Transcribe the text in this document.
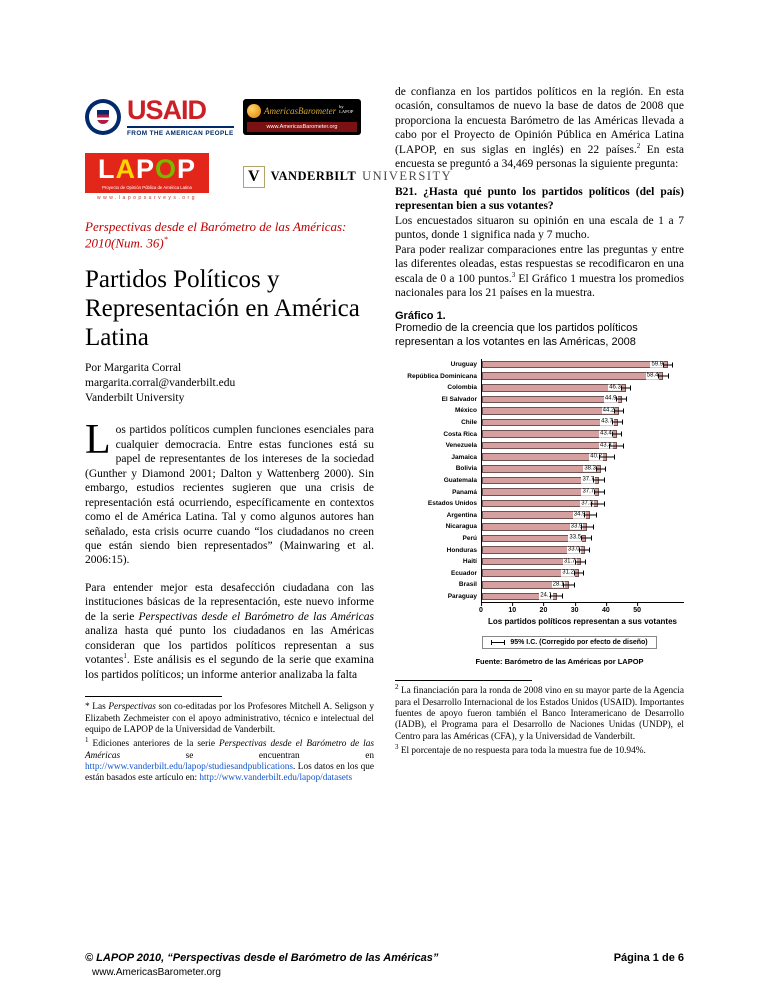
USAID
FROM THE AMERICAN PEOPLE
AmericasBarometer by LAPOP
www.AmericasBarometer.org
LAPOP
Proyecto de Opinión Pública de América Latina
www.lapopsurveys.org
V VANDERBILT UNIVERSITY

Perspectivas desde el Barómetro de las Américas: 2010(Num. 36)*

Partidos Políticos y Representación en América Latina
Por Margarita Corral
margarita.corral@vanderbilt.edu
Vanderbilt University

Los partidos políticos cumplen funciones esenciales para cualquier democracia. Entre estas funciones está su papel de representantes de los intereses de la sociedad (Gunther y Diamond 2001; Dalton y Wattenberg 2000). Sin embargo, estudios recientes sugieren que una crisis de representación está ocurriendo, específicamente en contextos como el de América Latina. Tal y como algunos autores han señalado, esta crisis ocurre cuando “los ciudadanos no creen que están siendo bien representados” (Mainwaring et al. 2006:15).

Para entender mejor esta desafección ciudadana con las instituciones básicas de la representación, este nuevo informe de la serie Perspectivas desde el Barómetro de las Américas analiza hasta qué punto los ciudadanos en las Américas consideran que los partidos políticos representan a sus votantes$^1$. Este análisis es el segundo de la serie que examina los partidos políticos; un informe anterior analizaba la falta

* Las Perspectivas son co-editadas por los Profesores Mitchell A. Seligson y Elizabeth Zechmeister con el apoyo administrativo, técnico e intelectual del equipo de LAPOP de la Universidad de Vanderbilt.

$^1$ Ediciones anteriores de la serie Perspectivas desde el Barómetro de las Américas se encuentran en http://www.vanderbilt.edu/lapop/studiesandpublications. Los datos en los que están basados este artículo en: http://www.vanderbilt.edu/lapop/datasets

de confianza en los partidos políticos en la región. En esta ocasión, consultamos de nuevo la base de datos de 2008 que proporciona la encuesta Barómetro de las Américas llevada a cabo por el Proyecto de Opinión Pública en América Latina (LAPOP, en sus siglas en inglés) en 22 países.$^2$ En esta encuesta se preguntó a 34,469 personas la siguiente pregunta:

B21. ¿Hasta qué punto los partidos políticos (del país) representan bien a sus votantes?

Los encuestados situaron su opinión en una escala de 1 a 7 puntos, donde 1 significa nada y 7 mucho.

Para poder realizar comparaciones entre las preguntas y entre las diferentes oleadas, estas respuestas se recodificaron en una escala de 0 a 100 puntos.$^3$ El Gráfico 1 muestra los promedios nacionales para los 21 países en la muestra.

Gráfico 1.
Promedio de la creencia que los partidos políticos representan a los votantes en las Américas, 2008
Uruguay	59.9
República Dominicana	58.4
Colombia	46.3
El Salvador	44.9
México	44.2
Chile	43.7
Costa Rica	43.4
Venezuela	43.3
Jamaica	40.2
Bolivia	38.3
Guatemala	37.7
Panamá	37.7
Estados Unidos	37.3
Argentina	34.9
Nicaragua	33.9
Perú	33.5
Honduras	33.0
Haití	31.7
Ecuador	31.2
Brasil	28.1
Paraguay	24.1
0	10	20	30	40	50
Los partidos políticos representan a sus votantes
95% I.C. (Corregido por efecto de diseño)
Fuente: Barómetro de las Américas por LAPOP

$^2$ La financiación para la ronda de 2008 vino en su mayor parte de la Agencia para el Desarrollo Internacional de los Estados Unidos (USAID). Importantes fuentes de apoyo fueron también el Banco Interamericano de Desarrollo (IADB), el Programa para el Desarrollo de Naciones Unidas (UNDP), el Centro para las Américas (CFA), y la Universidad de Vanderbilt.

$^3$ El porcentaje de no respuesta para toda la muestra fue de 10.94%.

© LAPOP 2010, “Perspectivas desde el Barómetro de las Américas”	Página 1 de 6
www.AmericasBarometer.org
